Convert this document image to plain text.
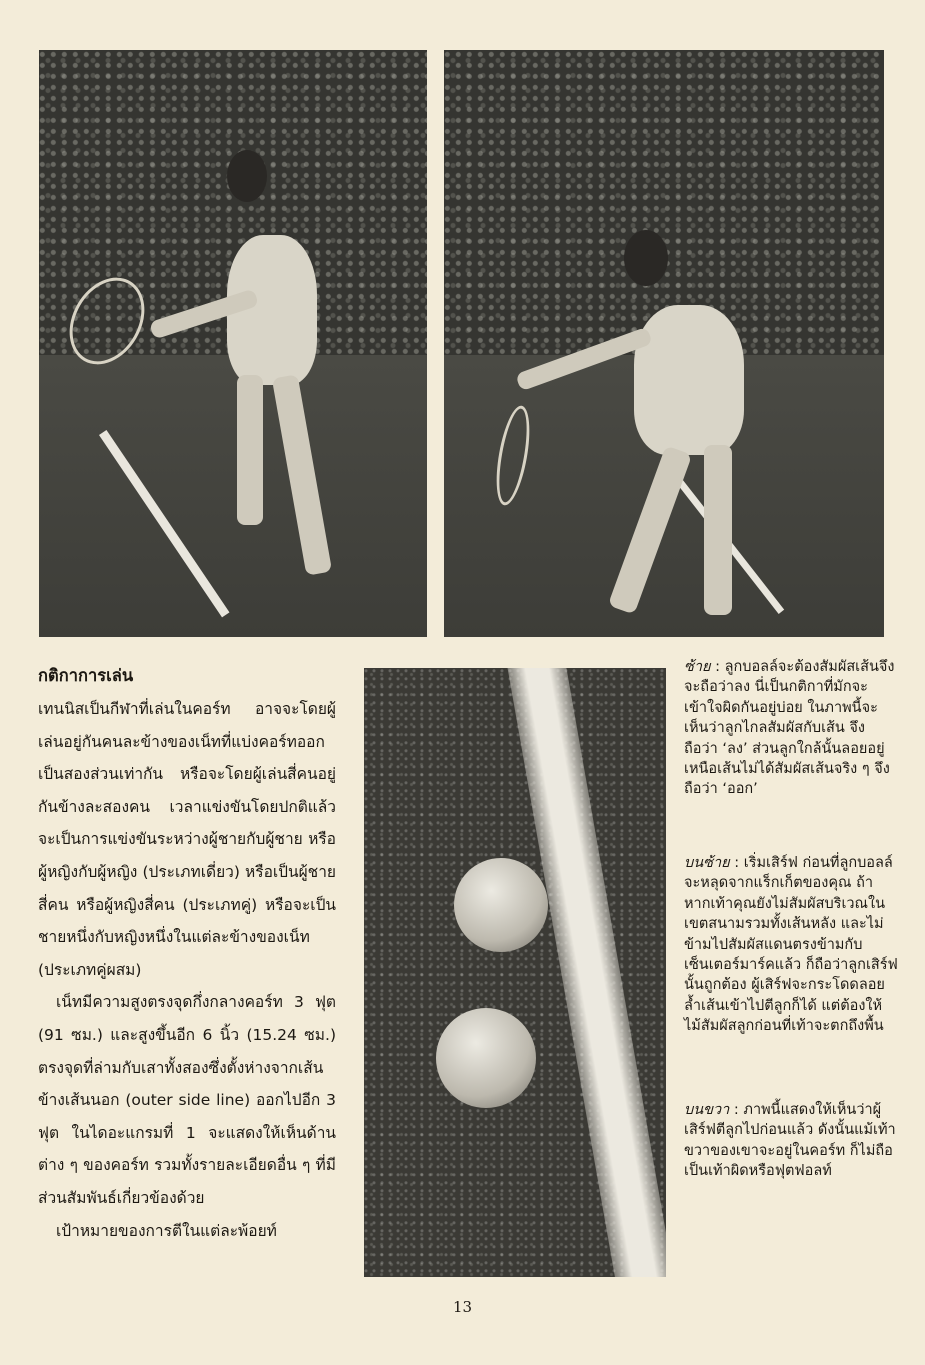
กติกาการเล่น

เทนนิสเป็นกีฬาที่เล่นในคอร์ท อาจจะโดยผู้เล่นอยู่กันคนละข้างของเน็ทที่แบ่งคอร์ทออกเป็นสองส่วนเท่ากัน หรือจะโดยผู้เล่นสี่คนอยู่กันข้างละสองคน เวลาแข่งขันโดยปกติแล้วจะเป็นการแข่งขันระหว่างผู้ชายกับผู้ชาย หรือผู้หญิงกับผู้หญิง (ประเภทเดี่ยว) หรือเป็นผู้ชายสี่คน หรือผู้หญิงสี่คน (ประเภทคู่) หรือจะเป็นชายหนึ่งกับหญิงหนึ่งในแต่ละข้างของเน็ท (ประเภทคู่ผสม)

เน็ทมีความสูงตรงจุดกึ่งกลางคอร์ท 3 ฟุต (91 ซม.) และสูงขึ้นอีก 6 นิ้ว (15.24 ซม.) ตรงจุดที่ล่ามกับเสาทั้งสองซึ่งตั้งห่างจากเส้นข้างเส้นนอก (outer side line) ออกไปอีก 3 ฟุต ในไดอะแกรมที่ 1 จะแสดงให้เห็นด้านต่าง ๆ ของคอร์ท รวมทั้งรายละเอียดอื่น ๆ ที่มีส่วนสัมพันธ์เกี่ยวข้องด้วย

เป้าหมายของการตีในแต่ละพ้อยท์

ซ้าย : ลูกบอลล์จะต้องสัมผัสเส้นจึงจะถือว่าลง นี่เป็นกติกาที่มักจะเข้าใจผิดกันอยู่บ่อย ในภาพนี้จะเห็นว่าลูกไกลสัมผัสกับเส้น จึงถือว่า ‘ลง’ ส่วนลูกใกล้นั้นลอยอยู่เหนือเส้นไม่ได้สัมผัสเส้นจริง ๆ จึงถือว่า ‘ออก’
บนซ้าย : เริ่มเสิร์ฟ ก่อนที่ลูกบอลล์จะหลุดจากแร็กเก็ตของคุณ ถ้าหากเท้าคุณยังไม่สัมผัสบริเวณในเขตสนามรวมทั้งเส้นหลัง และไม่ข้ามไปสัมผัสแดนตรงข้ามกับเซ็นเตอร์มาร์คแล้ว ก็ถือว่าลูกเสิร์ฟนั้นถูกต้อง ผู้เสิร์ฟจะกระโดดลอยล้ำเส้นเข้าไปตีลูกก็ได้ แต่ต้องให้ไม้สัมผัสลูกก่อนที่เท้าจะตกถึงพื้น
บนขวา : ภาพนี้แสดงให้เห็นว่าผู้เสิร์ฟตีลูกไปก่อนแล้ว ดังนั้นแม้เท้าขวาของเขาจะอยู่ในคอร์ท ก็ไม่ถือเป็นเท้าผิดหรือฟุตฟอลท์
13
